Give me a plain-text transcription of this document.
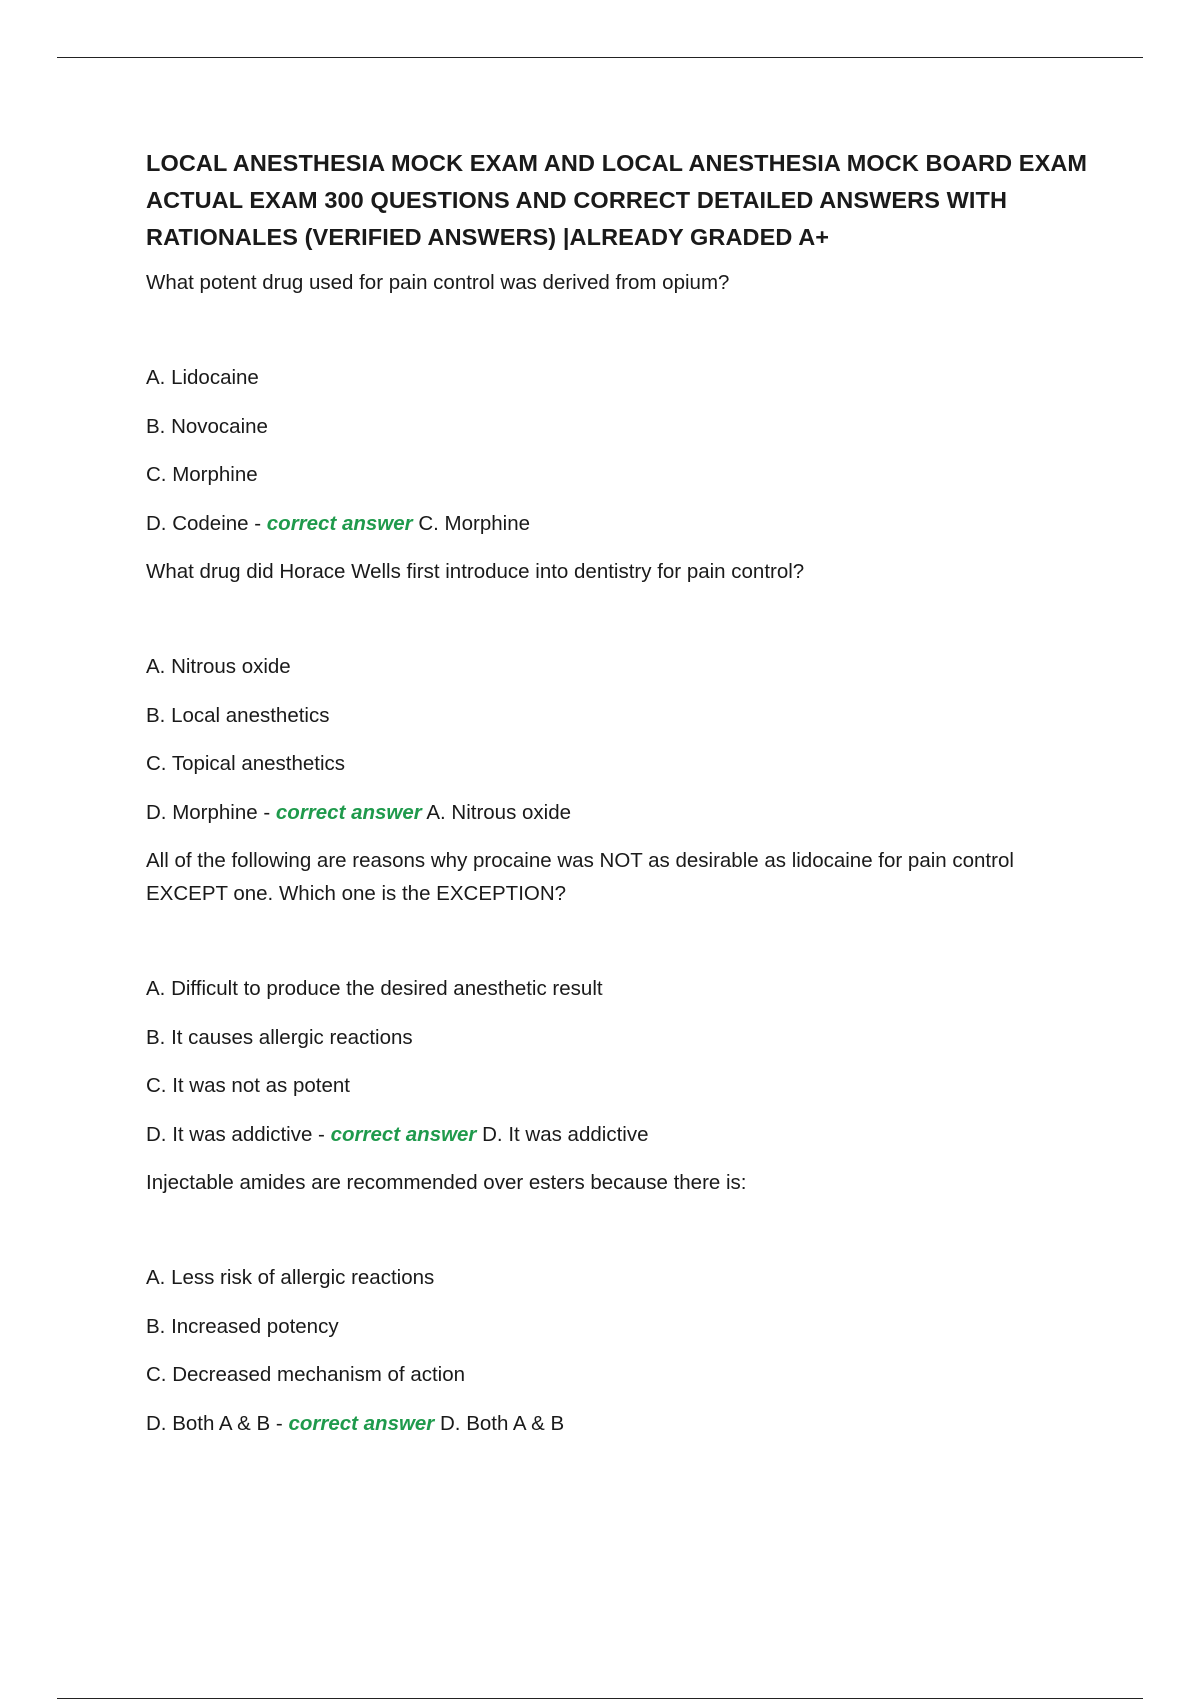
LOCAL ANESTHESIA MOCK EXAM AND LOCAL ANESTHESIA MOCK BOARD EXAM ACTUAL EXAM 300 QUESTIONS AND CORRECT DETAILED ANSWERS WITH RATIONALES (VERIFIED ANSWERS) |ALREADY GRADED A+
What potent drug used for pain control was derived from opium?
A. Lidocaine
B. Novocaine
C. Morphine
D. Codeine - correct answer C. Morphine
What drug did Horace Wells first introduce into dentistry for pain control?
A. Nitrous oxide
B. Local anesthetics
C. Topical anesthetics
D. Morphine - correct answer A. Nitrous oxide
All of the following are reasons why procaine was NOT as desirable as lidocaine for pain control EXCEPT one. Which one is the EXCEPTION?
A. Difficult to produce the desired anesthetic result
B. It causes allergic reactions
C. It was not as potent
D. It was addictive - correct answer D. It was addictive
Injectable amides are recommended over esters because there is:
A. Less risk of allergic reactions
B. Increased potency
C. Decreased mechanism of action
D. Both A & B - correct answer D. Both A & B
